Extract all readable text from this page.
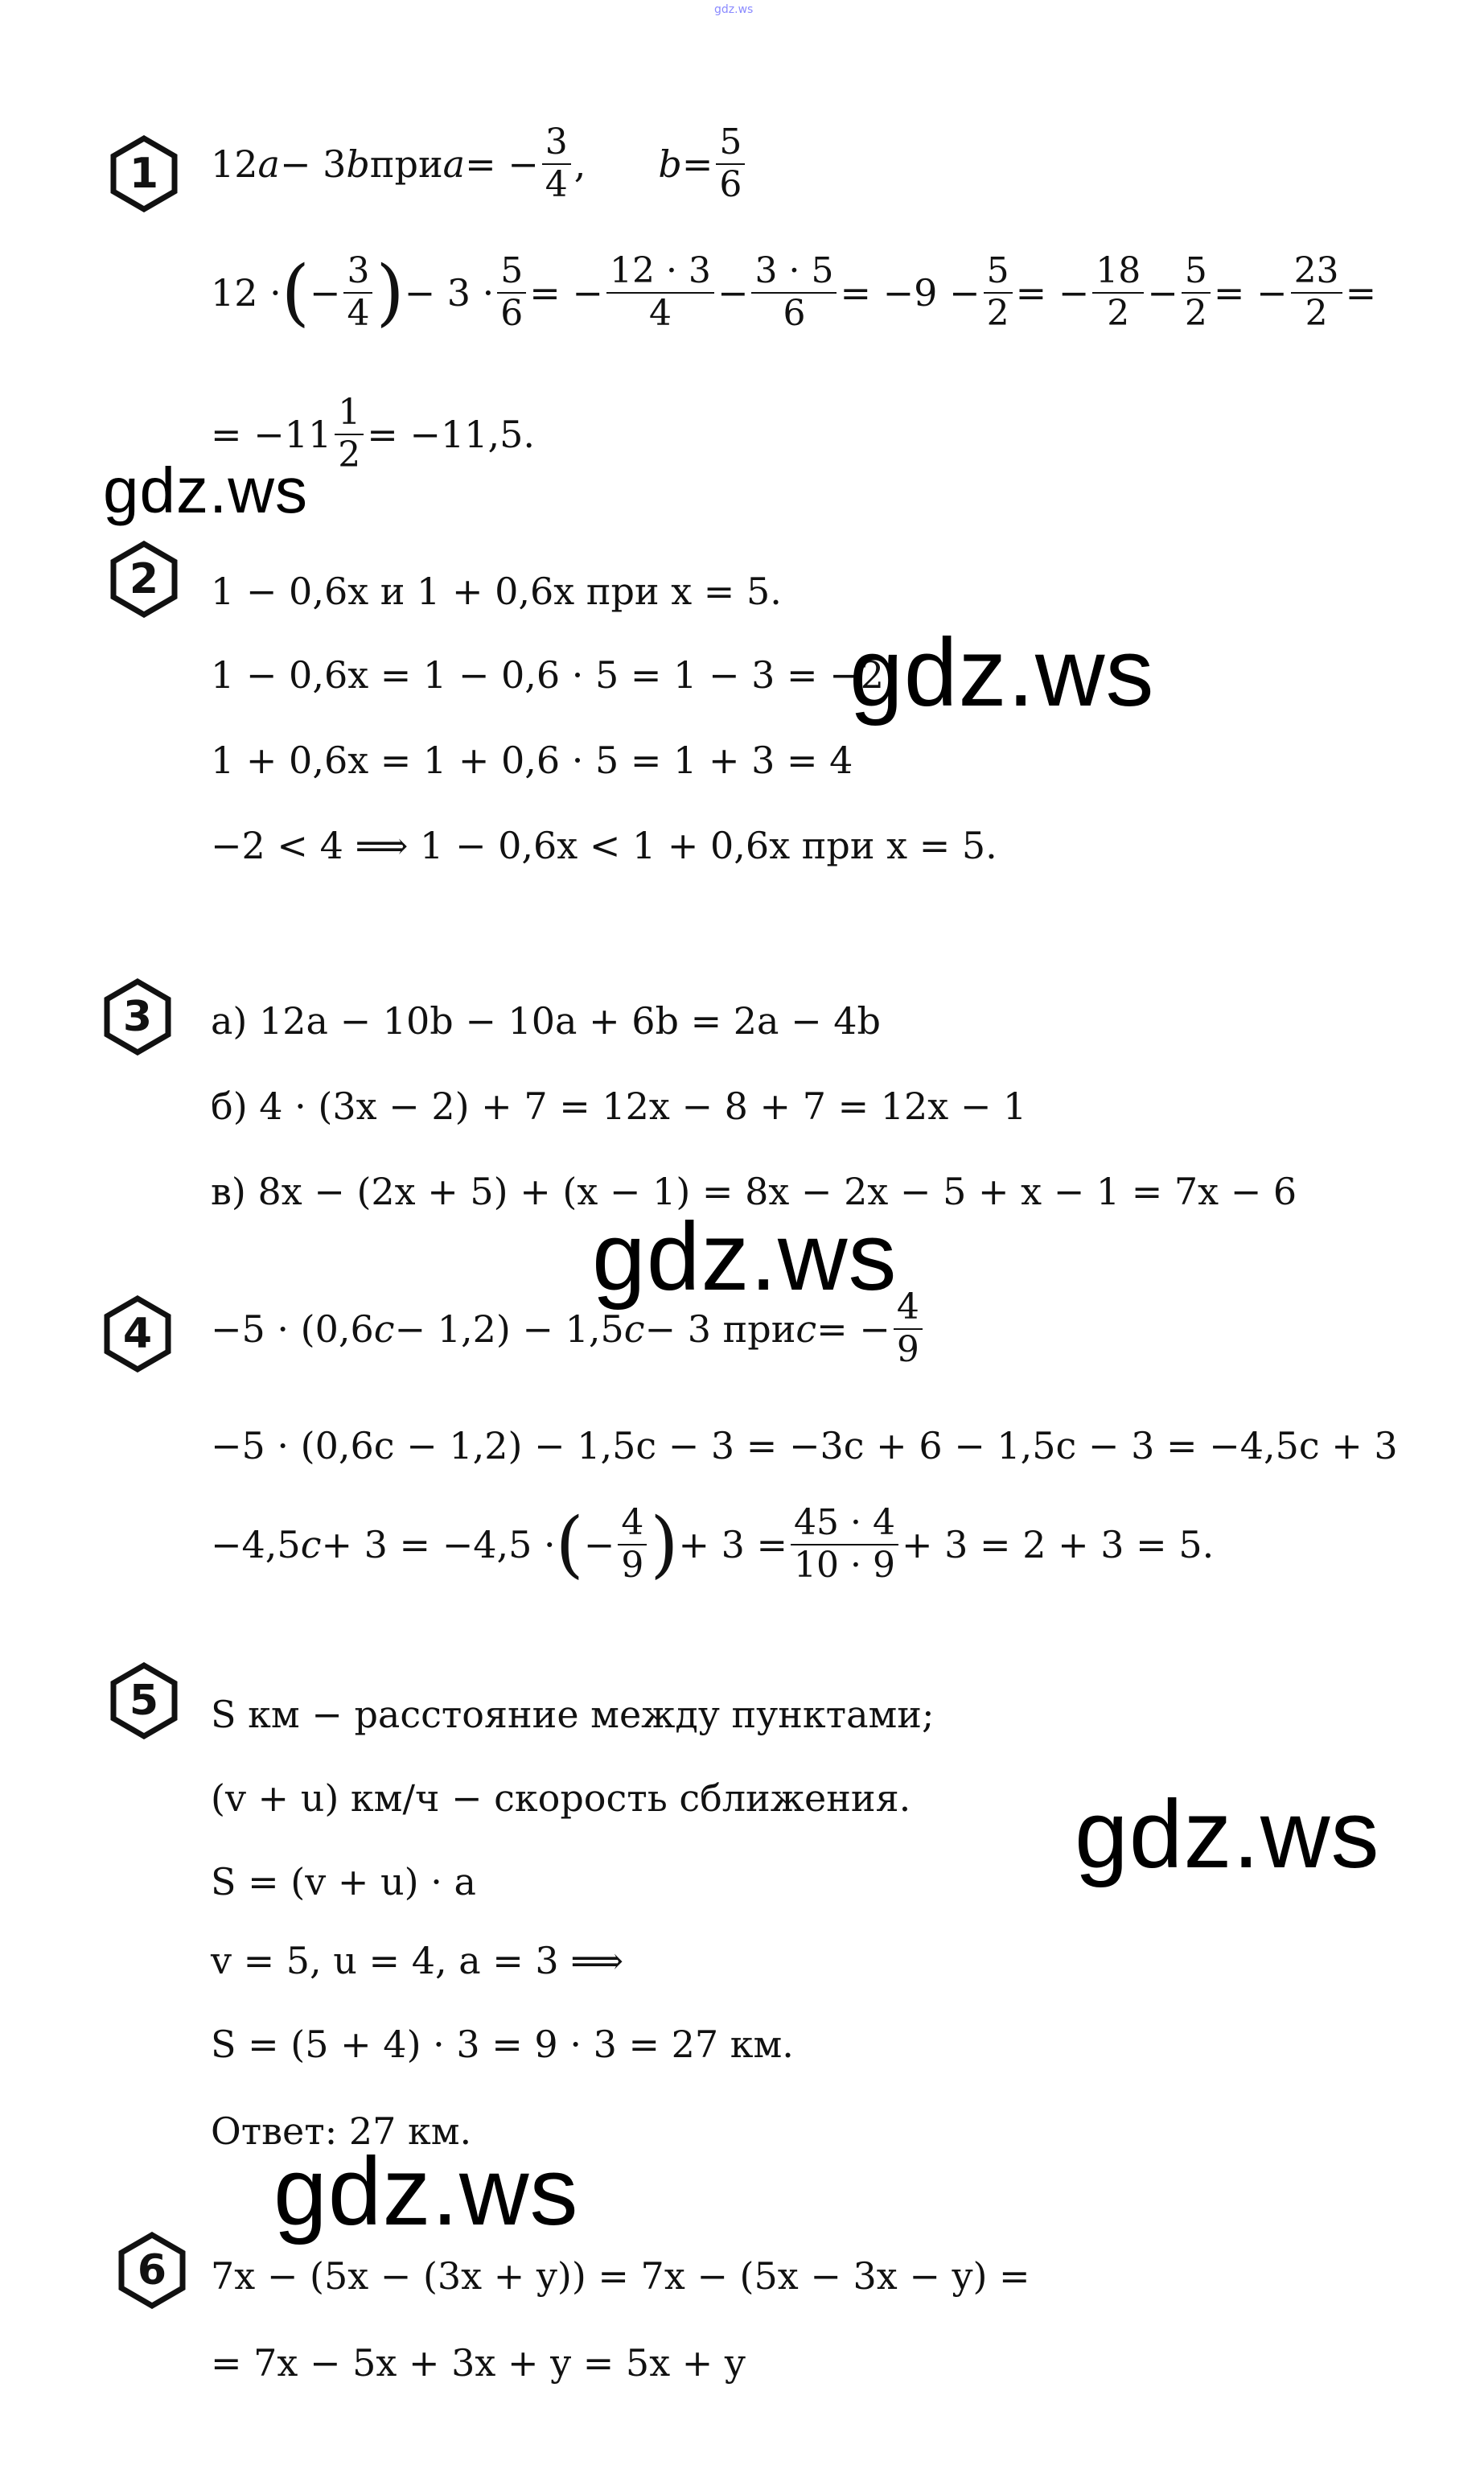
gdz.ws
1	12 a − 3 b при a = − $\frac{3}{4}$ , $b = \frac{5}{6}$
12 · ( − $\frac{3}{4}$ ) − $3 \cdot \frac{5}{6}$ = − $\frac{12 \cdot 3}{4} - \frac{3 \cdot 5}{6} = -9 - \frac{5}{2}$ = − $\frac{18}{2} - \frac{5}{2}$ = − $\frac{23}{2}$ =
= $-11 \frac{1}{2} = -11,5$.
gdz.ws
2	1 − 0,6x и 1 + 0,6x при x = 5.
1 − 0,6x = 1 − 0,6 · 5 = 1 − 3 = −2
1 + 0,6x = 1 + 0,6 · 5 = 1 + 3 = 4
−2 < 4 ⟹ 1 − 0,6x < 1 + 0,6x при x = 5.
gdz.ws
3	а) 12a − 10b − 10a + 6b = 2a − 4b
б) 4 · (3x − 2) + 7 = 12x − 8 + 7 = 12x − 1
в) 8x − (2x + 5) + (x − 1) = 8x − 2x − 5 + x − 1 = 7x − 6
gdz.ws
4	−5 · (0,6 c − 1,2) − 1,5 c − 3 при c = − $\frac{4}{9}$
−5 · (0,6c − 1,2) − 1,5c − 3 = −3c + 6 − 1,5c − 3 = −4,5c + 3
−4,5 c + 3 = −4,5 · ( − $\frac{4}{9}$ ) + $3 = \frac{45 \cdot 4}{10 \cdot 9} + 3 = 2 + 3 = 5$.
5	S км − расстояние между пунктами;
(v + u) км/ч − скорость сближения.
S = (v + u) · a
v = 5, u = 4, a = 3 ⟹
S = (5 + 4) · 3 = 9 · 3 = 27 км.
Ответ: 27 км.
gdz.ws
gdz.ws
6	7x − (5x − (3x + y)) = 7x − (5x − 3x − y) =
= 7x − 5x + 3x + y = 5x + y
